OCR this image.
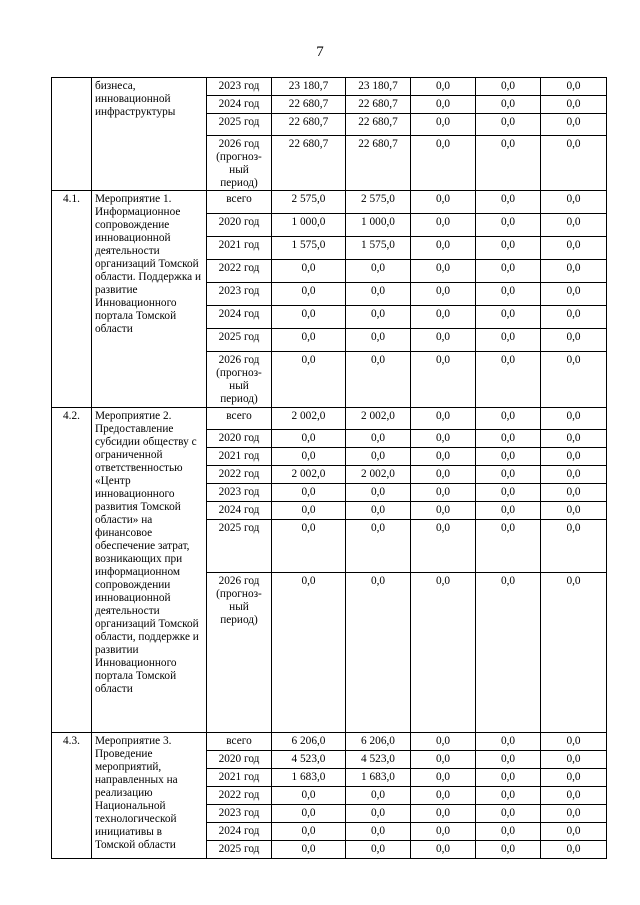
7
	бизнеса, инновационной инфраструктуры	2023 год	23 180,7	23 180,7	0,0	0,0	0,0
		2024 год	22 680,7	22 680,7	0,0	0,0	0,0
		2025 год	22 680,7	22 680,7	0,0	0,0	0,0
		2026 год (прогноз-ный период)	22 680,7	22 680,7	0,0	0,0	0,0
4.1.	Мероприятие 1. Информационное сопровождение инновационной деятельности организаций Томской области. Поддержка и развитие Инновационного портала Томской области	всего	2 575,0	2 575,0	0,0	0,0	0,0
		2020 год	1 000,0	1 000,0	0,0	0,0	0,0
		2021 год	1 575,0	1 575,0	0,0	0,0	0,0
		2022 год	0,0	0,0	0,0	0,0	0,0
		2023 год	0,0	0,0	0,0	0,0	0,0
		2024 год	0,0	0,0	0,0	0,0	0,0
		2025 год	0,0	0,0	0,0	0,0	0,0
		2026 год (прогноз-ный период)	0,0	0,0	0,0	0,0	0,0
4.2.	Мероприятие 2. Предоставление субсидии обществу с ограниченной ответственностью «Центр инновационного развития Томской области» на финансовое обеспечение затрат, возникающих при информационном сопровождении инновационной деятельности организаций Томской области, поддержке и развитии Инновационного портала Томской области	всего	2 002,0	2 002,0	0,0	0,0	0,0
		2020 год	0,0	0,0	0,0	0,0	0,0
		2021 год	0,0	0,0	0,0	0,0	0,0
		2022 год	2 002,0	2 002,0	0,0	0,0	0,0
		2023 год	0,0	0,0	0,0	0,0	0,0
		2024 год	0,0	0,0	0,0	0,0	0,0
		2025 год	0,0	0,0	0,0	0,0	0,0
		2026 год (прогноз-ный период)	0,0	0,0	0,0	0,0	0,0
4.3.	Мероприятие 3. Проведение мероприятий, направленных на реализацию Национальной технологической инициативы в Томской области	всего	6 206,0	6 206,0	0,0	0,0	0,0
		2020 год	4 523,0	4 523,0	0,0	0,0	0,0
		2021 год	1 683,0	1 683,0	0,0	0,0	0,0
		2022 год	0,0	0,0	0,0	0,0	0,0
		2023 год	0,0	0,0	0,0	0,0	0,0
		2024 год	0,0	0,0	0,0	0,0	0,0
		2025 год	0,0	0,0	0,0	0,0	0,0
